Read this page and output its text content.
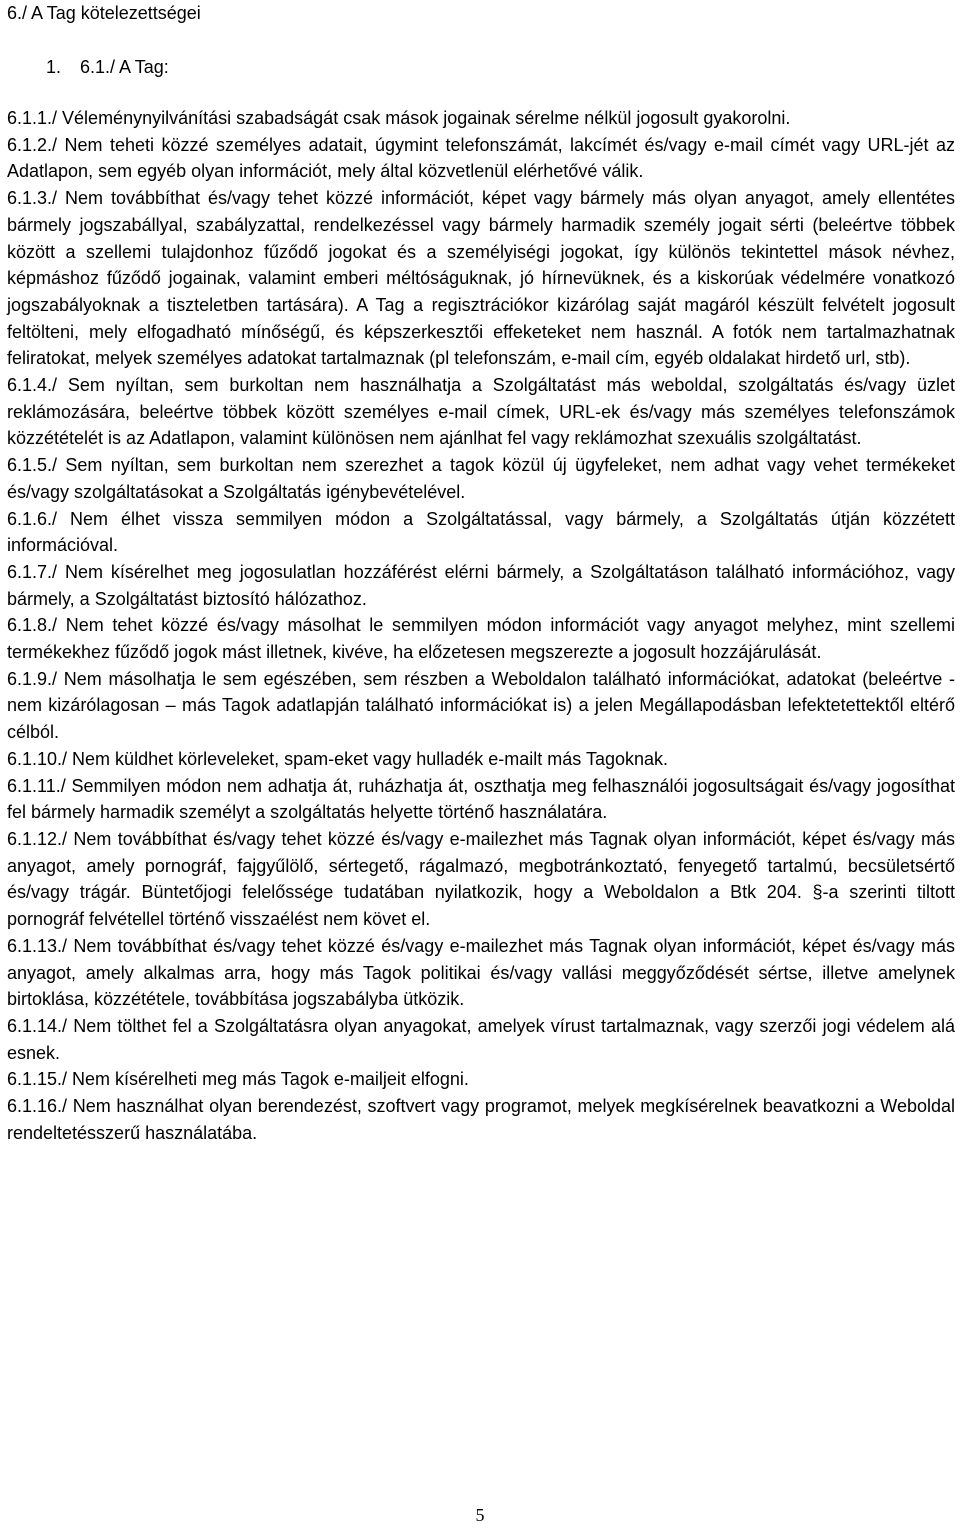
6./ A Tag kötelezettségei
1. 6.1./ A Tag:

6.1.1./ Véleménynyilvánítási szabadságát csak mások jogainak sérelme nélkül jogosult gyakorolni.

6.1.2./ Nem teheti közzé személyes adatait, úgymint telefonszámát, lakcímét és/vagy e-mail címét vagy URL-jét az Adatlapon, sem egyéb olyan információt, mely által közvetlenül elérhetővé válik.

6.1.3./ Nem továbbíthat és/vagy tehet közzé információt, képet vagy bármely más olyan anyagot, amely ellentétes bármely jogszabállyal, szabályzattal, rendelkezéssel vagy bármely harmadik személy jogait sérti (beleértve többek között a szellemi tulajdonhoz fűződő jogokat és a személyiségi jogokat, így különös tekintettel mások névhez, képmáshoz fűződő jogainak, valamint emberi méltóságuknak, jó hírnevüknek, és a kiskorúak védelmére vonatkozó jogszabályoknak a tiszteletben tartására). A Tag a regisztrációkor kizárólag saját magáról készült felvételt jogosult feltölteni, mely elfogadható mínőségű, és képszerkesztői effeketeket nem használ. A fotók nem tartalmazhatnak feliratokat, melyek személyes adatokat tartalmaznak (pl telefonszám, e-mail cím, egyéb oldalakat hirdető url, stb).

6.1.4./ Sem nyíltan, sem burkoltan nem használhatja a Szolgáltatást más weboldal, szolgáltatás és/vagy üzlet reklámozására, beleértve többek között személyes e-mail címek, URL-ek és/vagy más személyes telefonszámok közzétételét is az Adatlapon, valamint különösen nem ajánlhat fel vagy reklámozhat szexuális szolgáltatást.

6.1.5./ Sem nyíltan, sem burkoltan nem szerezhet a tagok közül új ügyfeleket, nem adhat vagy vehet termékeket és/vagy szolgáltatásokat a Szolgáltatás igénybevételével.

6.1.6./ Nem élhet vissza semmilyen módon a Szolgáltatással, vagy bármely, a Szolgáltatás útján közzétett információval.

6.1.7./ Nem kísérelhet meg jogosulatlan hozzáférést elérni bármely, a Szolgáltatáson található információhoz, vagy bármely, a Szolgáltatást biztosító hálózathoz.

6.1.8./ Nem tehet közzé és/vagy másolhat le semmilyen módon információt vagy anyagot melyhez, mint szellemi termékekhez fűződő jogok mást illetnek, kivéve, ha előzetesen megszerezte a jogosult hozzájárulását.

6.1.9./ Nem másolhatja le sem egészében, sem részben a Weboldalon található információkat, adatokat (beleértve - nem kizárólagosan – más Tagok adatlapján található információkat is) a jelen Megállapodásban lefektetettektől eltérő célból.

6.1.10./ Nem küldhet körleveleket, spam-eket vagy hulladék e-mailt más Tagoknak.

6.1.11./ Semmilyen módon nem adhatja át, ruházhatja át, oszthatja meg felhasználói jogosultságait és/vagy jogosíthat fel bármely harmadik személyt a szolgáltatás helyette történő használatára.

6.1.12./ Nem továbbíthat és/vagy tehet közzé és/vagy e-mailezhet más Tagnak olyan információt, képet és/vagy más anyagot, amely pornográf, fajgyűlölő, sértegető, rágalmazó, megbotránkoztató, fenyegető tartalmú, becsületsértő és/vagy trágár. Büntetőjogi felelőssége tudatában nyilatkozik, hogy a Weboldalon a Btk 204. §-a szerinti tiltott pornográf felvétellel történő visszaélést nem követ el.

6.1.13./ Nem továbbíthat és/vagy tehet közzé és/vagy e-mailezhet más Tagnak olyan információt, képet és/vagy más anyagot, amely alkalmas arra, hogy más Tagok politikai és/vagy vallási meggyőződését sértse, illetve amelynek birtoklása, közzététele, továbbítása jogszabályba ütközik.

6.1.14./ Nem tölthet fel a Szolgáltatásra olyan anyagokat, amelyek vírust tartalmaznak, vagy szerzői jogi védelem alá esnek.

6.1.15./ Nem kísérelheti meg más Tagok e-mailjeit elfogni.

6.1.16./ Nem használhat olyan berendezést, szoftvert vagy programot, melyek megkísérelnek beavatkozni a Weboldal rendeltetésszerű használatába.

5
